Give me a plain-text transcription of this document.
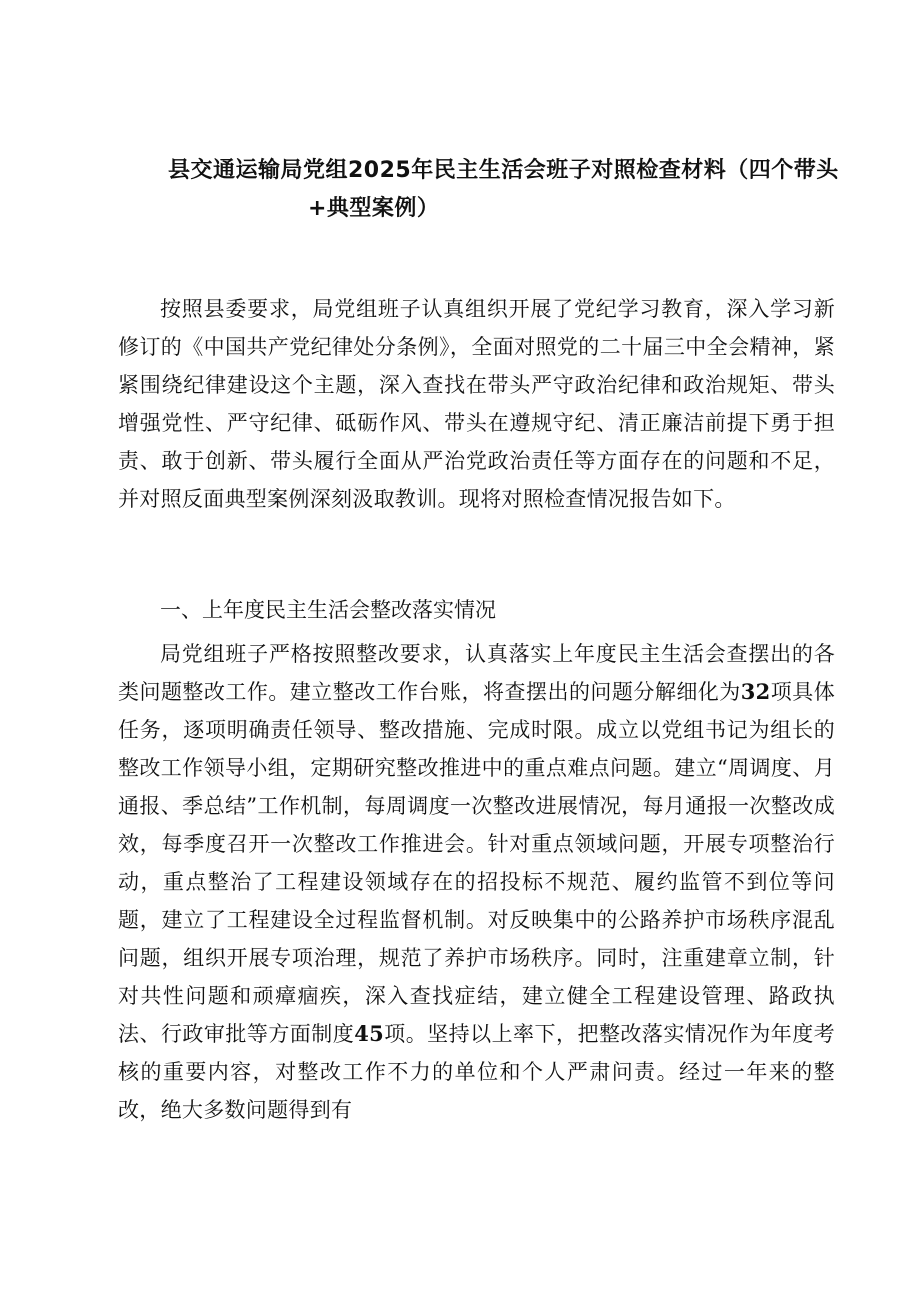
县交通运输局党组2025年民主生活会班子对照检查材料（四个带头
+典型案例）
按照县委要求，局党组班子认真组织开展了党纪学习教育，深入学习新修订的《中国共产党纪律处分条例》，全面对照党的二十届三中全会精神，紧紧围绕纪律建设这个主题，深入查找在带头严守政治纪律和政治规矩、带头增强党性、严守纪律、砥砺作风、带头在遵规守纪、清正廉洁前提下勇于担责、敢于创新、带头履行全面从严治党政治责任等方面存在的问题和不足，并对照反面典型案例深刻汲取教训。现将对照检查情况报告如下。
一、上年度民主生活会整改落实情况
局党组班子严格按照整改要求，认真落实上年度民主生活会查摆出的各类问题整改工作。建立整改工作台账，将查摆出的问题分解细化为32项具体任务，逐项明确责任领导、整改措施、完成时限。成立以党组书记为组长的整改工作领导小组，定期研究整改推进中的重点难点问题。建立“周调度、月通报、季总结”工作机制，每周调度一次整改进展情况，每月通报一次整改成效，每季度召开一次整改工作推进会。针对重点领域问题，开展专项整治行动，重点整治了工程建设领域存在的招投标不规范、履约监管不到位等问题，建立了工程建设全过程监督机制。对反映集中的公路养护市场秩序混乱问题，组织开展专项治理，规范了养护市场秩序。同时，注重建章立制，针对共性问题和顽瘴痼疾，深入查找症结，建立健全工程建设管理、路政执法、行政审批等方面制度45项。坚持以上率下，把整改落实情况作为年度考核的重要内容，对整改工作不力的单位和个人严肃问责。经过一年来的整改，绝大多数问题得到有
